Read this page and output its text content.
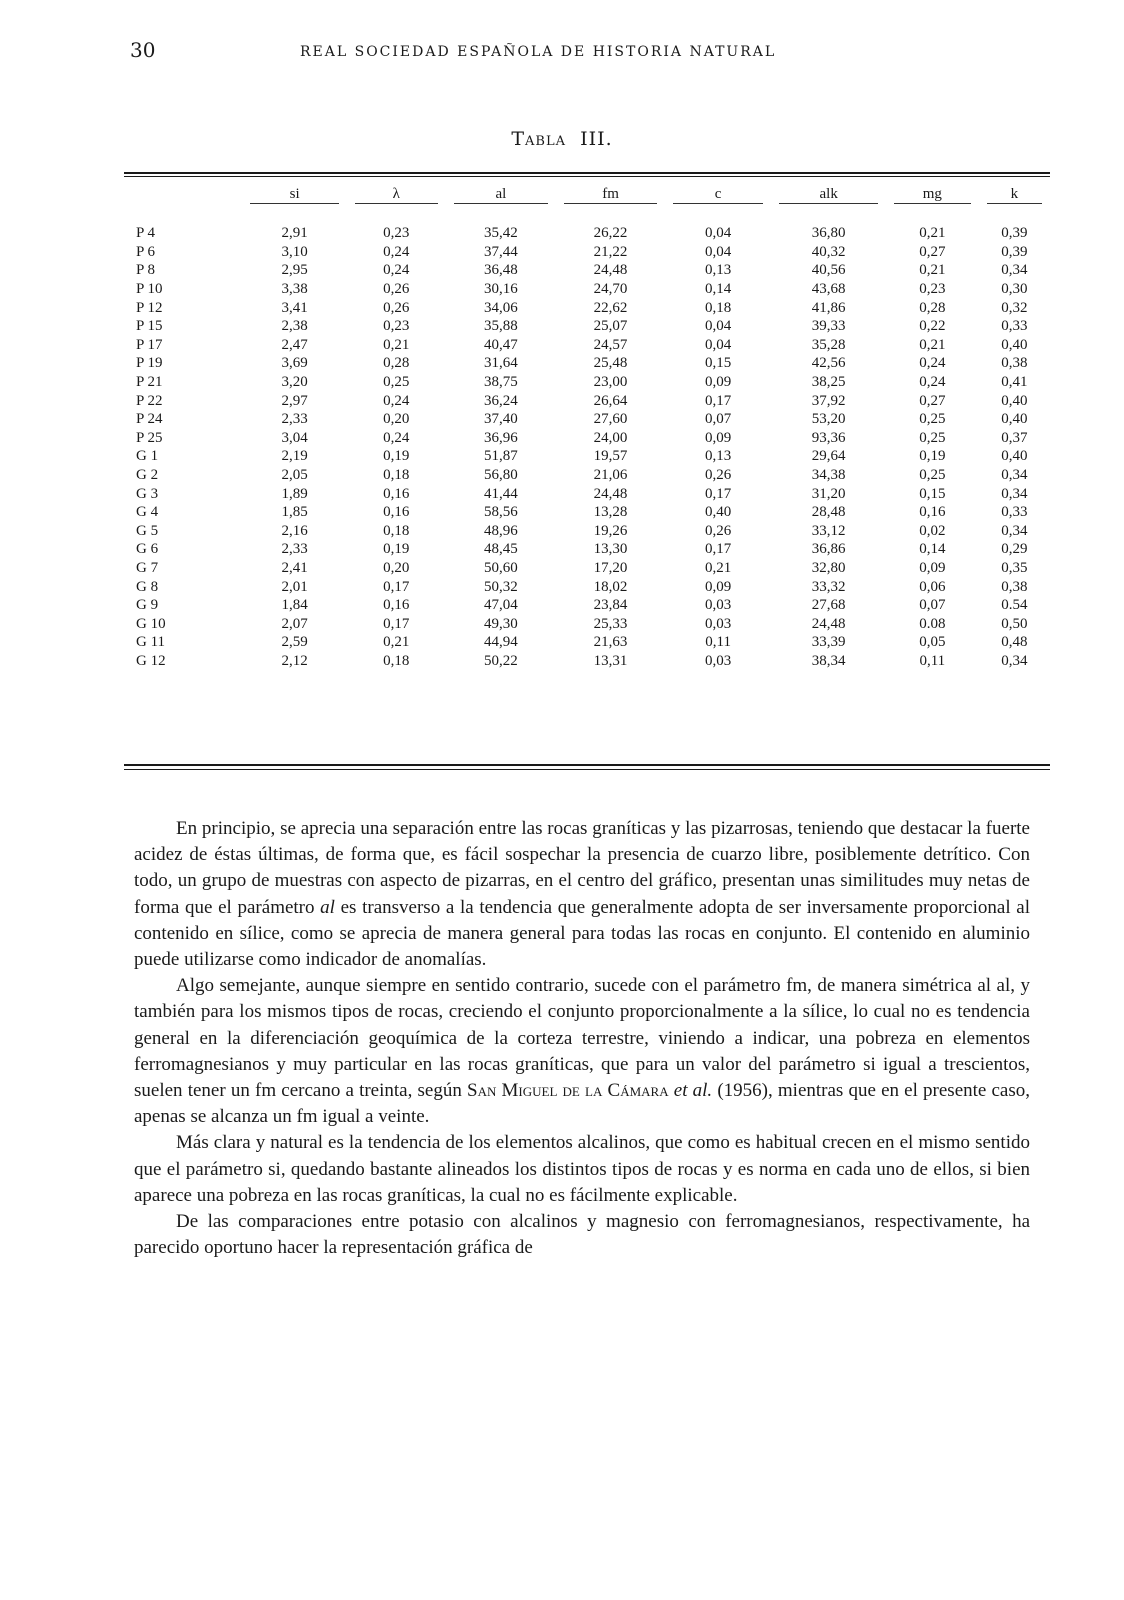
30	REAL SOCIEDAD ESPAÑOLA DE HISTORIA NATURAL
TABLA III.
	si	λ	al	fm	c	alk	mg	k

P 4	2,91	0,23	35,42	26,22	0,04	36,80	0,21	0,39
P 6	3,10	0,24	37,44	21,22	0,04	40,32	0,27	0,39
P 8	2,95	0,24	36,48	24,48	0,13	40,56	0,21	0,34
P 10	3,38	0,26	30,16	24,70	0,14	43,68	0,23	0,30
P 12	3,41	0,26	34,06	22,62	0,18	41,86	0,28	0,32
P 15	2,38	0,23	35,88	25,07	0,04	39,33	0,22	0,33
P 17	2,47	0,21	40,47	24,57	0,04	35,28	0,21	0,40
P 19	3,69	0,28	31,64	25,48	0,15	42,56	0,24	0,38
P 21	3,20	0,25	38,75	23,00	0,09	38,25	0,24	0,41
P 22	2,97	0,24	36,24	26,64	0,17	37,92	0,27	0,40
P 24	2,33	0,20	37,40	27,60	0,07	53,20	0,25	0,40
P 25	3,04	0,24	36,96	24,00	0,09	93,36	0,25	0,37
G 1	2,19	0,19	51,87	19,57	0,13	29,64	0,19	0,40
G 2	2,05	0,18	56,80	21,06	0,26	34,38	0,25	0,34
G 3	1,89	0,16	41,44	24,48	0,17	31,20	0,15	0,34
G 4	1,85	0,16	58,56	13,28	0,40	28,48	0,16	0,33
G 5	2,16	0,18	48,96	19,26	0,26	33,12	0,02	0,34
G 6	2,33	0,19	48,45	13,30	0,17	36,86	0,14	0,29
G 7	2,41	0,20	50,60	17,20	0,21	32,80	0,09	0,35
G 8	2,01	0,17	50,32	18,02	0,09	33,32	0,06	0,38
G 9	1,84	0,16	47,04	23,84	0,03	27,68	0,07	0.54
G 10	2,07	0,17	49,30	25,33	0,03	24,48	0.08	0,50
G 11	2,59	0,21	44,94	21,63	0,11	33,39	0,05	0,48
G 12	2,12	0,18	50,22	13,31	0,03	38,34	0,11	0,34

En principio, se aprecia una separación entre las rocas graníticas y las pizarrosas, teniendo que destacar la fuerte acidez de éstas últimas, de forma que, es fácil sospechar la presencia de cuarzo libre, posiblemente detrítico. Con todo, un grupo de muestras con aspecto de pizarras, en el centro del gráfico, presentan unas similitudes muy netas de forma que el parámetro al es transverso a la tendencia que generalmente adopta de ser inversamente proporcional al contenido en sílice, como se aprecia de manera general para todas las rocas en conjunto. El contenido en aluminio puede utilizarse como indicador de anomalías.

Algo semejante, aunque siempre en sentido contrario, sucede con el parámetro fm, de manera simétrica al al, y también para los mismos tipos de rocas, creciendo el conjunto proporcionalmente a la sílice, lo cual no es tendencia general en la diferenciación geoquímica de la corteza terrestre, viniendo a indicar, una pobreza en elementos ferromagnesianos y muy particular en las rocas graníticas, que para un valor del parámetro si igual a trescientos, suelen tener un fm cercano a treinta, según San Miguel de la Cámara et al. (1956), mientras que en el presente caso, apenas se alcanza un fm igual a veinte.

Más clara y natural es la tendencia de los elementos alcalinos, que como es habitual crecen en el mismo sentido que el parámetro si, quedando bastante alineados los distintos tipos de rocas y es norma en cada uno de ellos, si bien aparece una pobreza en las rocas graníticas, la cual no es fácilmente explicable.

De las comparaciones entre potasio con alcalinos y magnesio con ferromagnesianos, respectivamente, ha parecido oportuno hacer la representación gráfica de
